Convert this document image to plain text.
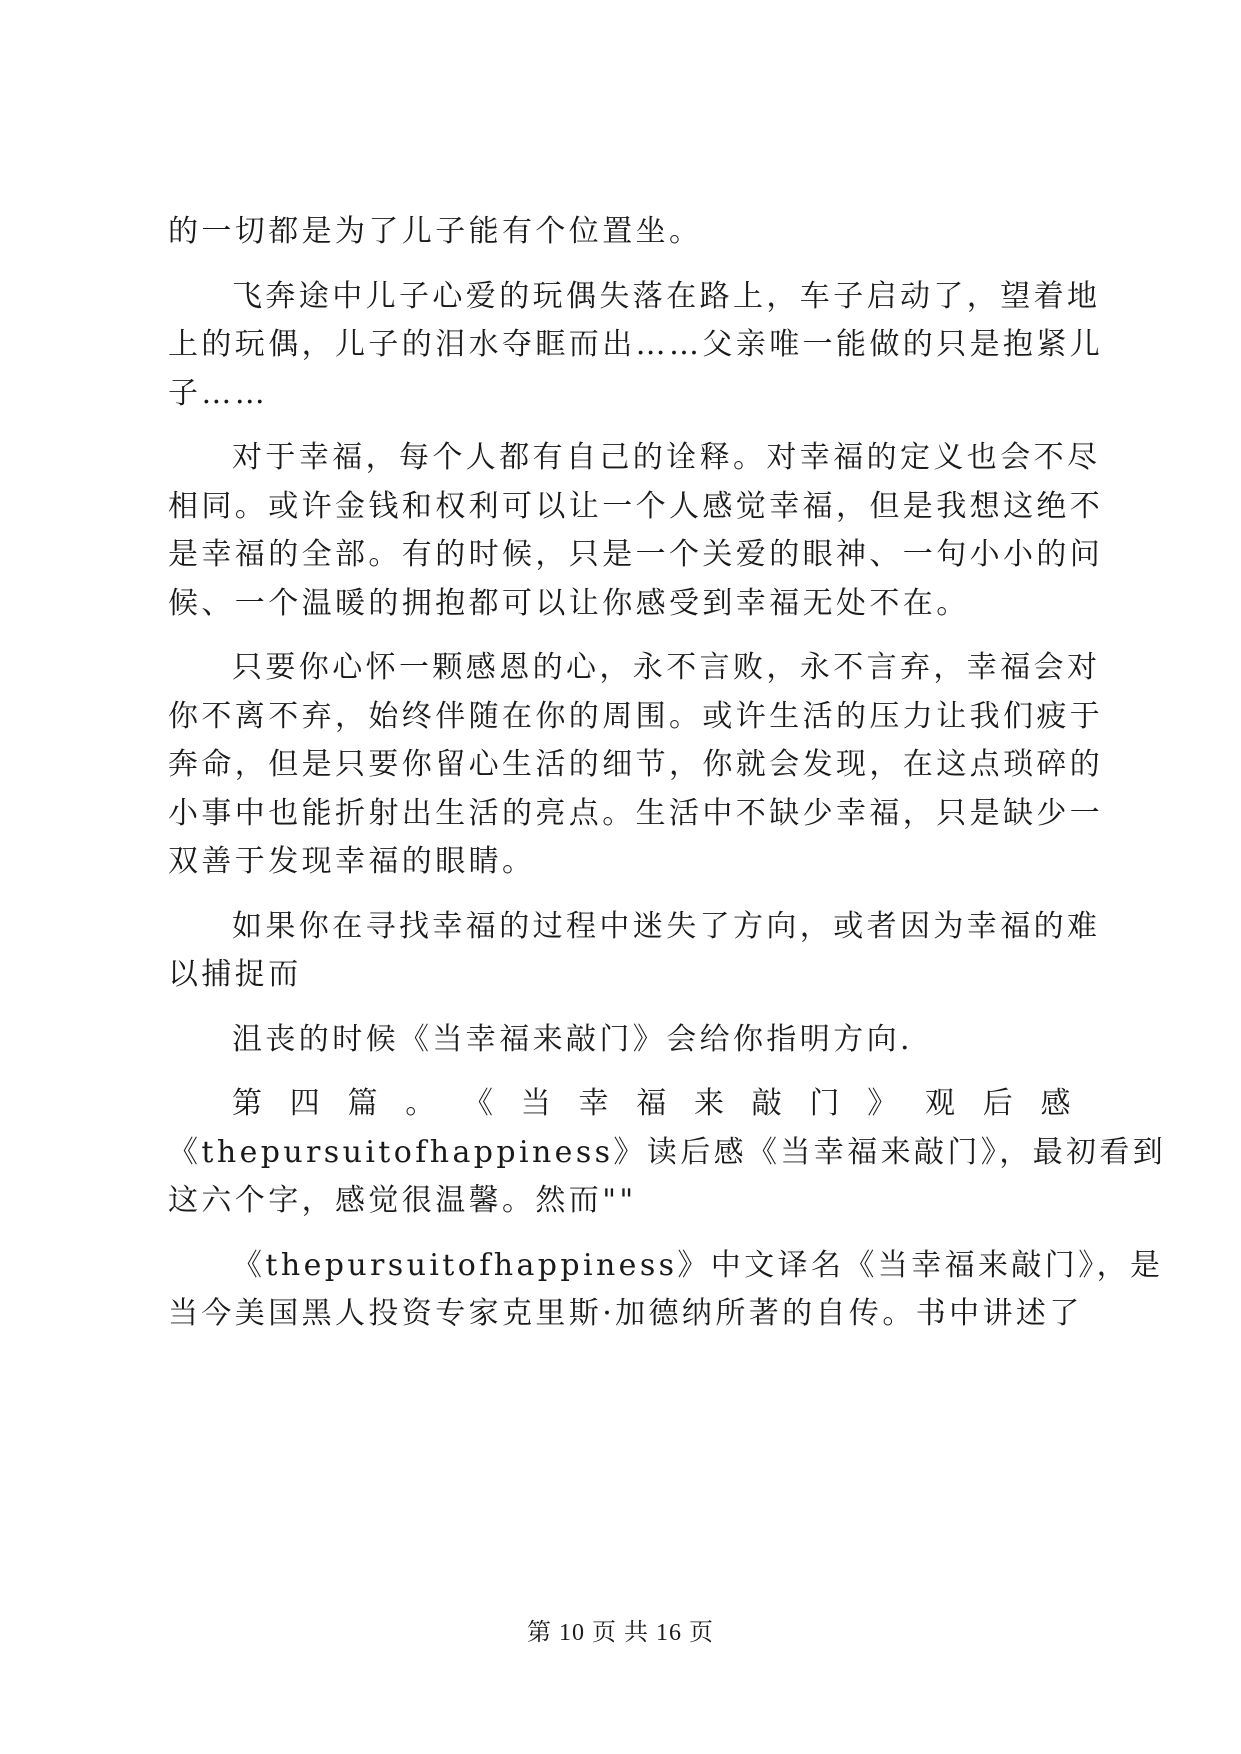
的一切都是为了儿子能有个位置坐。
飞奔途中儿子心爱的玩偶失落在路上，车子启动了，望着地
上的玩偶，儿子的泪水夺眶而出……父亲唯一能做的只是抱紧儿
子……
对于幸福，每个人都有自己的诠释。对幸福的定义也会不尽
相同。或许金钱和权利可以让一个人感觉幸福，但是我想这绝不
是幸福的全部。有的时候，只是一个关爱的眼神、一句小小的问
候、一个温暖的拥抱都可以让你感受到幸福无处不在。
只要你心怀一颗感恩的心，永不言败，永不言弃，幸福会对
你不离不弃，始终伴随在你的周围。或许生活的压力让我们疲于
奔命，但是只要你留心生活的细节，你就会发现，在这点琐碎的
小事中也能折射出生活的亮点。生活中不缺少幸福，只是缺少一
双善于发现幸福的眼睛。
如果你在寻找幸福的过程中迷失了方向，或者因为幸福的难
以捕捉而
沮丧的时候《当幸福来敲门》会给你指明方向.
第 四 篇 。 《 当 幸 福 来 敲 门 》 观 后 感
《thepursuitofhappiness》读后感《当幸福来敲门》，最初看到
这六个字，感觉很温馨。然而""
《thepursuitofhappiness》中文译名《当幸福来敲门》，是
当今美国黑人投资专家克里斯·加德纳所著的自传。书中讲述了
第 10 页 共 16 页
